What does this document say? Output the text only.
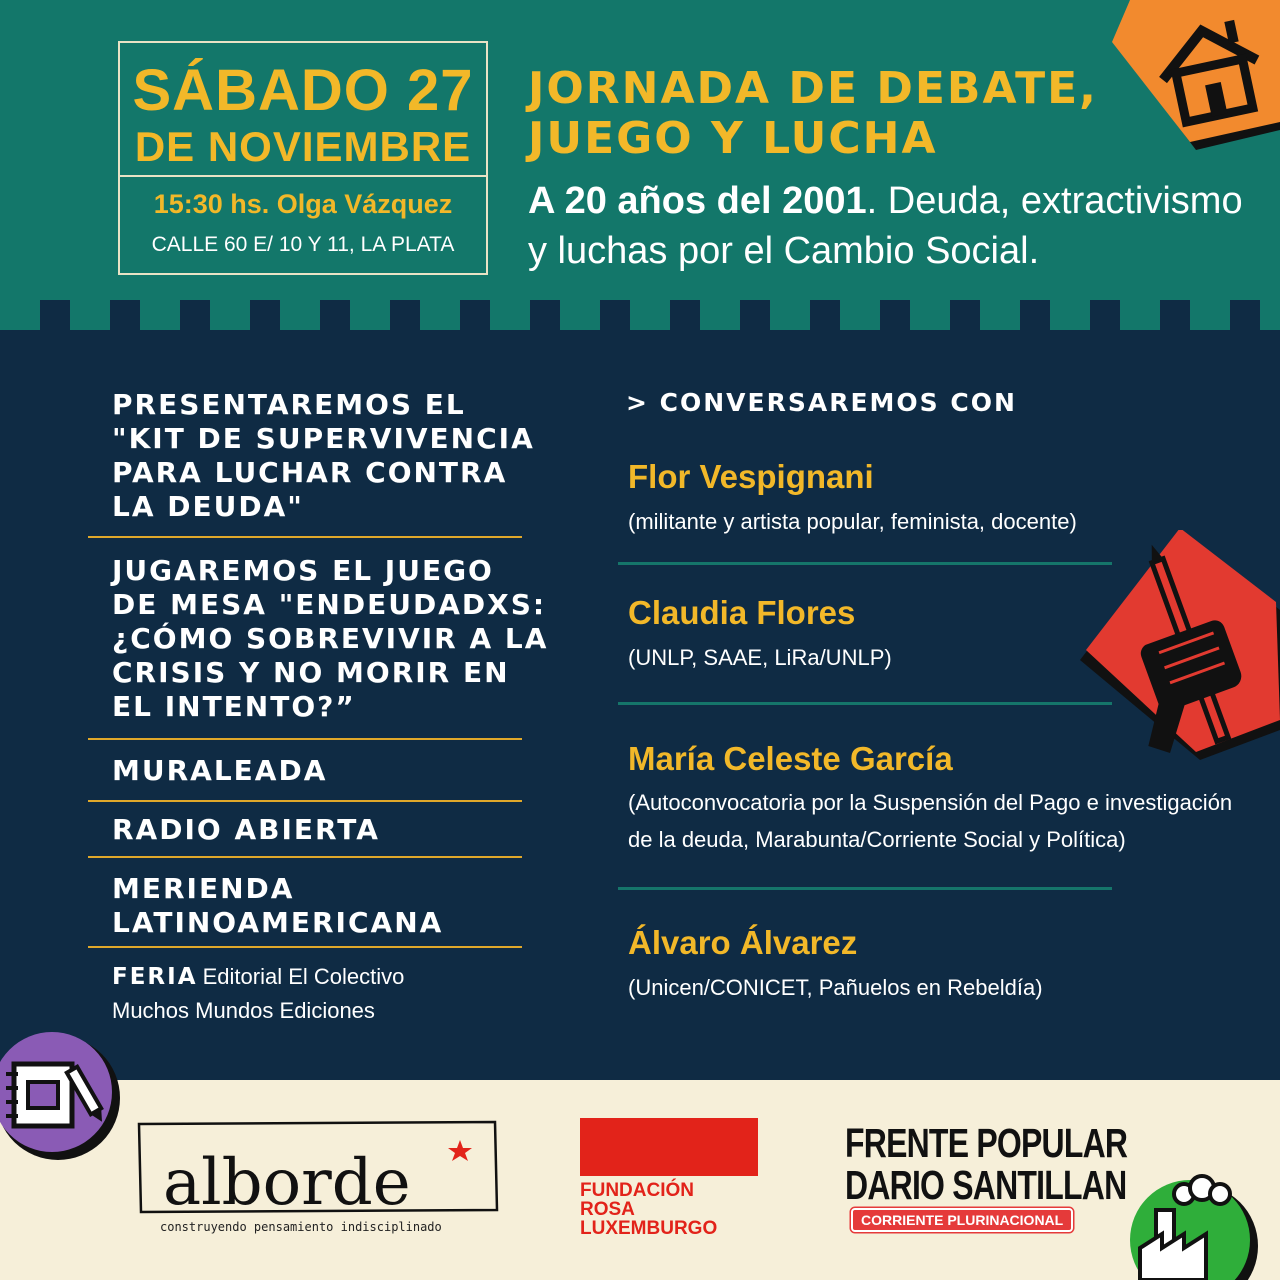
SÁBADO 27
DE NOVIEMBRE
15:30 hs. Olga Vázquez
CALLE 60 E/ 10 Y 11, LA PLATA
JORNADA DE DEBATE,
JUEGO Y LUCHA
A 20 años del 2001. Deuda, extractivismo
y luchas por el Cambio Social.
PRESENTAREMOS EL
"KIT DE SUPERVIVENCIA
PARA LUCHAR CONTRA
LA DEUDA"
JUGAREMOS EL JUEGO
DE MESA "ENDEUDADXS:
¿CÓMO SOBREVIVIR A LA
CRISIS Y NO MORIR EN
EL INTENTO?”
MURALEADA
RADIO ABIERTA
MERIENDA
LATINOAMERICANA
FERIA Editorial El Colectivo
Muchos Mundos Ediciones
> CONVERSAREMOS CON
Flor Vespignani
(militante y artista popular, feminista, docente)
Claudia Flores
(UNLP, SAAE, LiRa/UNLP)
María Celeste García
(Autoconvocatoria por la Suspensión del Pago e investigación
de la deuda, Marabunta/Corriente Social y Política)
Álvaro Álvarez
(Unicen/CONICET, Pañuelos en Rebeldía)
alborde
construyendo pensamiento indisciplinado
FUNDACIÓN
ROSA
LUXEMBURGO
FRENTE POPULAR
DARIO SANTILLAN
CORRIENTE PLURINACIONAL
